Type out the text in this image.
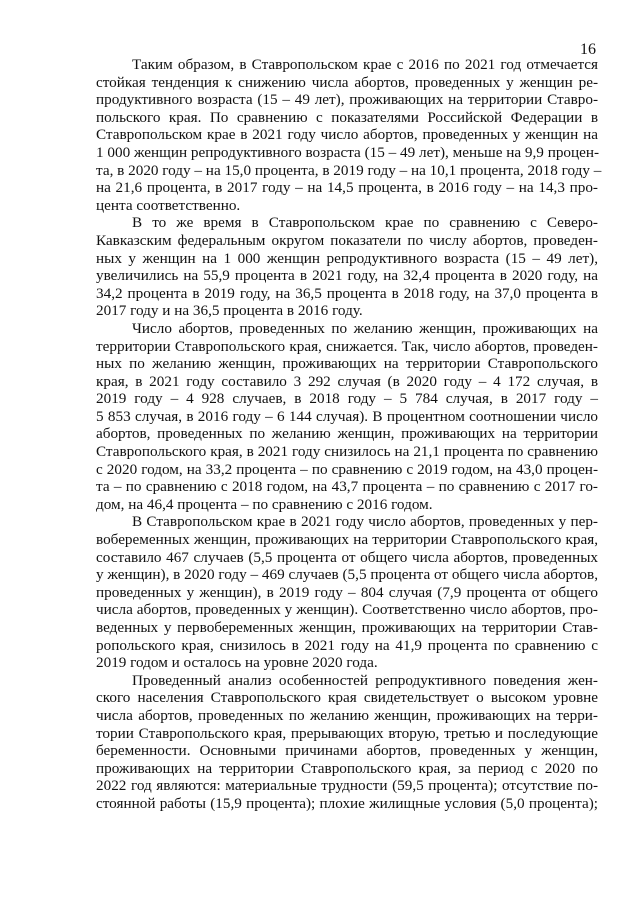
16
Таким образом, в Ставропольском крае с 2016 по 2021 год отмечается
стойкая тенденция к снижению числа абортов, проведенных у женщин ре-
продуктивного возраста (15 – 49 лет), проживающих на территории Ставро-
польского края. По сравнению с показателями Российской Федерации в
Ставропольском крае в 2021 году число абортов, проведенных у женщин на
1 000 женщин репродуктивного возраста (15 – 49 лет), меньше на 9,9 процен-
та, в 2020 году – на 15,0 процента, в 2019 году – на 10,1 процента, 2018 году –
на 21,6 процента, в 2017 году – на 14,5 процента, в 2016 году – на 14,3 про-
цента соответственно.
В то же время в Ставропольском крае по сравнению с Северо-
Кавказским федеральным округом показатели по числу абортов, проведен-
ных у женщин на 1 000 женщин репродуктивного возраста (15 – 49 лет),
увеличились на 55,9 процента в 2021 году, на 32,4 процента в 2020 году, на
34,2 процента в 2019 году, на 36,5 процента в 2018 году, на 37,0 процента в
2017 году и на 36,5 процента в 2016 году.
Число абортов, проведенных по желанию женщин, проживающих на
территории Ставропольского края, снижается. Так, число абортов, проведен-
ных по желанию женщин, проживающих на территории Ставропольского
края, в 2021 году составило 3 292 случая (в 2020 году – 4 172 случая, в
2019 году – 4 928 случаев, в 2018 году – 5 784 случая, в 2017 году –
5 853 случая, в 2016 году – 6 144 случая). В процентном соотношении число
абортов, проведенных по желанию женщин, проживающих на территории
Ставропольского края, в 2021 году снизилось на 21,1 процента по сравнению
с 2020 годом, на 33,2 процента – по сравнению с 2019 годом, на 43,0 процен-
та – по сравнению с 2018 годом, на 43,7 процента – по сравнению с 2017 го-
дом, на 46,4 процента – по сравнению с 2016 годом.
В Ставропольском крае в 2021 году число абортов, проведенных у пер-
вобеременных женщин, проживающих на территории Ставропольского края,
составило 467 случаев (5,5 процента от общего числа абортов, проведенных
у женщин), в 2020 году – 469 случаев (5,5 процента от общего числа абортов,
проведенных у женщин), в 2019 году – 804 случая (7,9 процента от общего
числа абортов, проведенных у женщин). Соответственно число абортов, про-
веденных у первобеременных женщин, проживающих на территории Став-
ропольского края, снизилось в 2021 году на 41,9 процента по сравнению с
2019 годом и осталось на уровне 2020 года.
Проведенный анализ особенностей репродуктивного поведения жен-
ского населения Ставропольского края свидетельствует о высоком уровне
числа абортов, проведенных по желанию женщин, проживающих на терри-
тории Ставропольского края, прерывающих вторую, третью и последующие
беременности. Основными причинами абортов, проведенных у женщин,
проживающих на территории Ставропольского края, за период с 2020 по
2022 год являются: материальные трудности (59,5 процента); отсутствие по-
стоянной работы (15,9 процента); плохие жилищные условия (5,0 процента);
